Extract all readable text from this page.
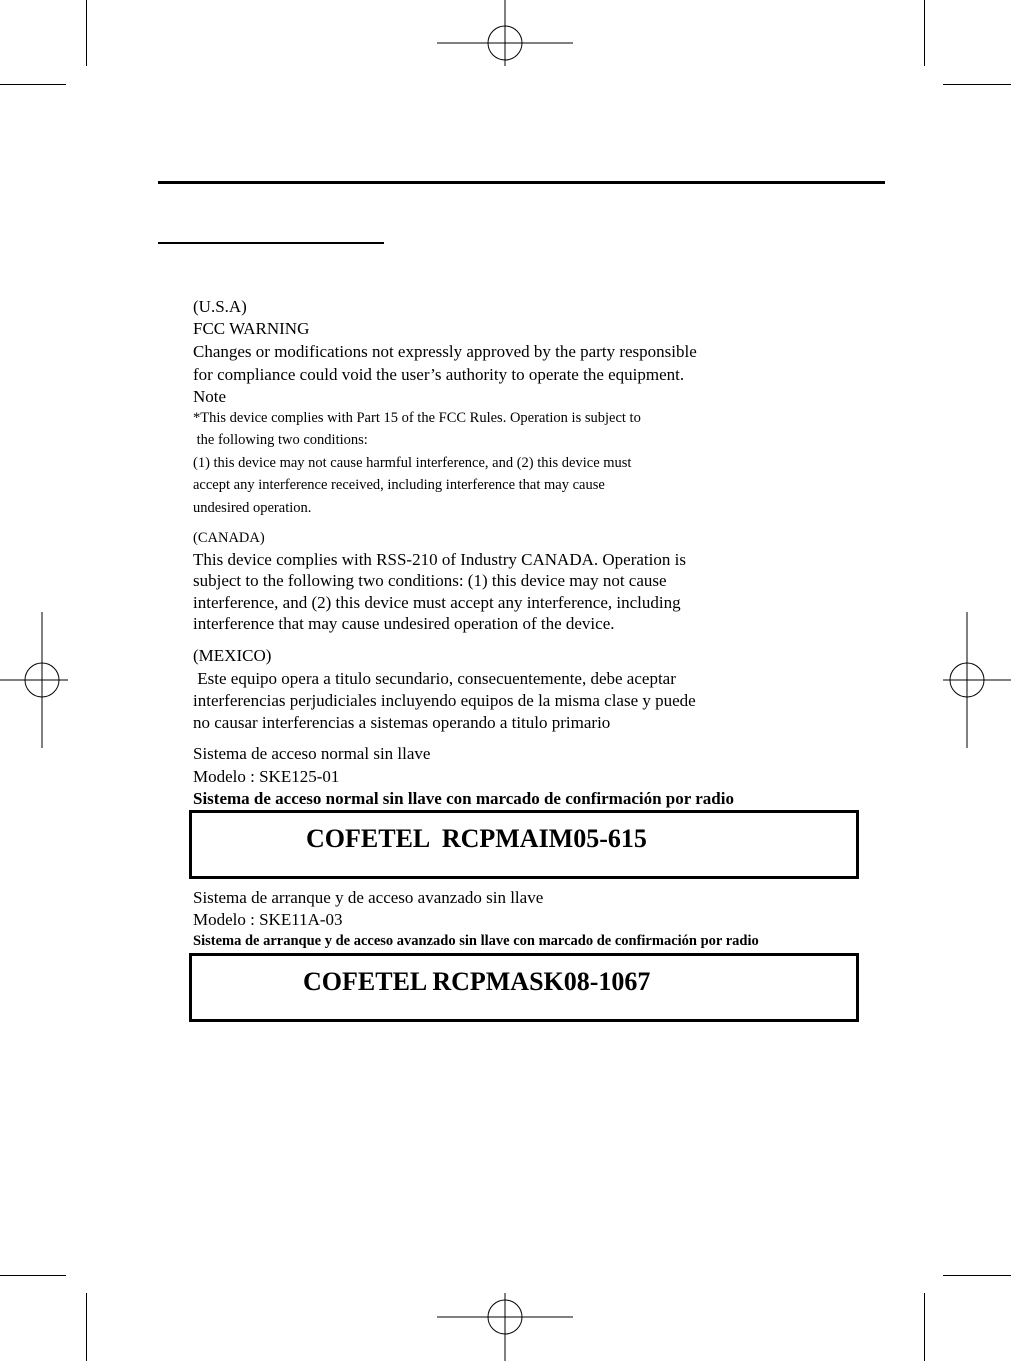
(U.S.A)
FCC WARNING
Changes or modifications not expressly approved by the party responsible
for compliance could void the user’s authority to operate the equipment.
Note
*This device complies with Part 15 of the FCC Rules. Operation is subject to
the following two conditions:
(1) this device may not cause harmful interference, and (2) this device must
accept any interference received, including interference that may cause
undesired operation.
(CANADA)
This device complies with RSS-210 of Industry CANADA. Operation is
subject to the following two conditions: (1) this device may not cause
interference, and (2) this device must accept any interference, including
interference that may cause undesired operation of the device.
(MEXICO)
Este equipo opera a titulo secundario, consecuentemente, debe aceptar
interferencias perjudiciales incluyendo equipos de la misma clase y puede
no causar interferencias a sistemas operando a titulo primario
Sistema de acceso normal sin llave
Modelo : SKE125-01
Sistema de acceso normal sin llave con marcado de confirmación por radio
COFETEL  RCPMAIM05-615
Sistema de arranque y de acceso avanzado sin llave
Modelo : SKE11A-03
Sistema de arranque y de acceso avanzado sin llave con marcado de confirmación por radio
COFETEL RCPMASK08-1067
